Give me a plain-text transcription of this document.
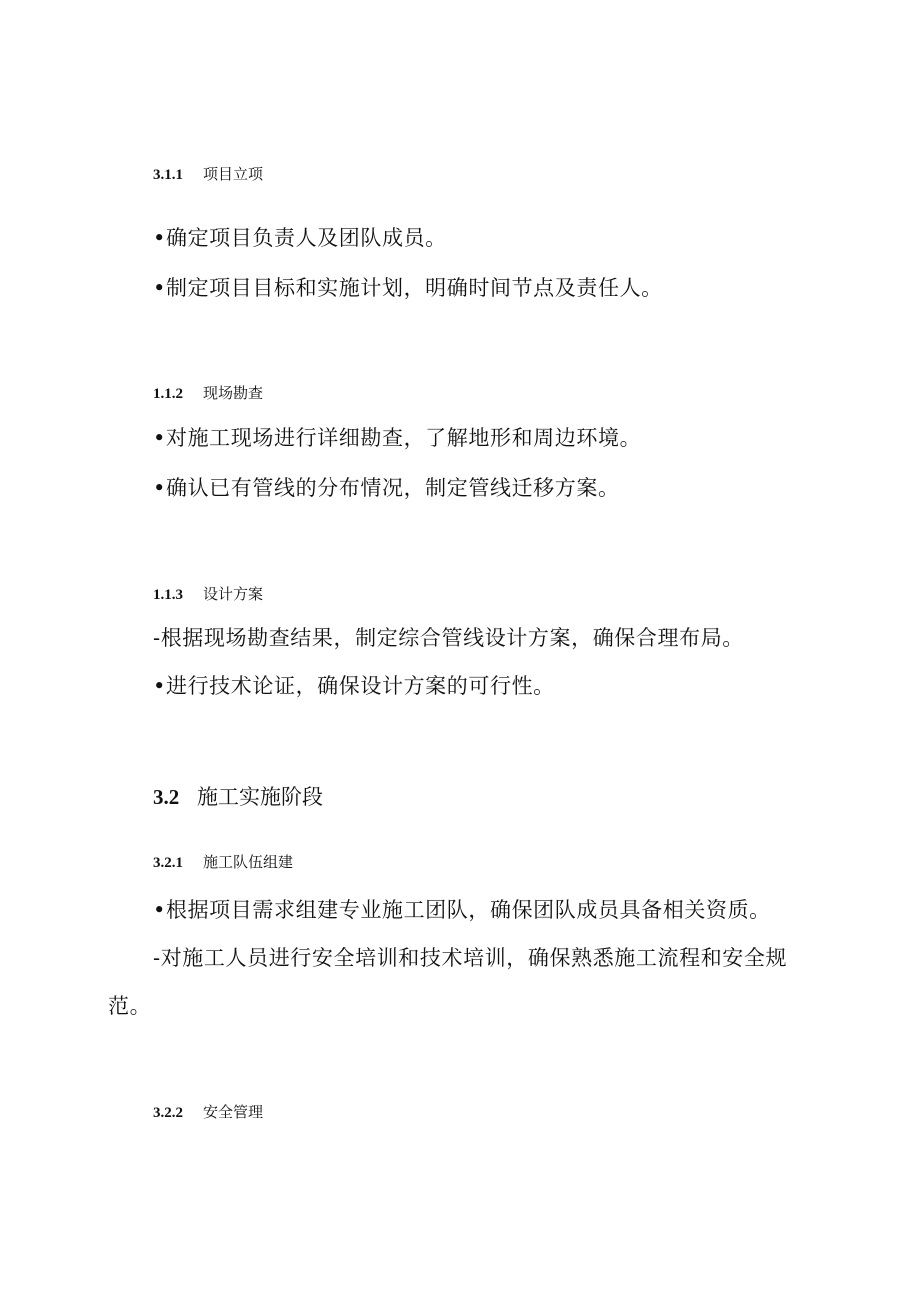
3.1.1 项目立项
•确定项目负责人及团队成员。
•制定项目目标和实施计划，明确时间节点及责任人。
1.1.2 现场勘查
•对施工现场进行详细勘查，了解地形和周边环境。
•确认已有管线的分布情况，制定管线迁移方案。
1.1.3 设计方案
-根据现场勘查结果，制定综合管线设计方案，确保合理布局。
•进行技术论证，确保设计方案的可行性。
3.2 施工实施阶段
3.2.1 施工队伍组建
•根据项目需求组建专业施工团队，确保团队成员具备相关资质。
-对施工人员进行安全培训和技术培训，确保熟悉施工流程和安全规范。
3.2.2 安全管理
